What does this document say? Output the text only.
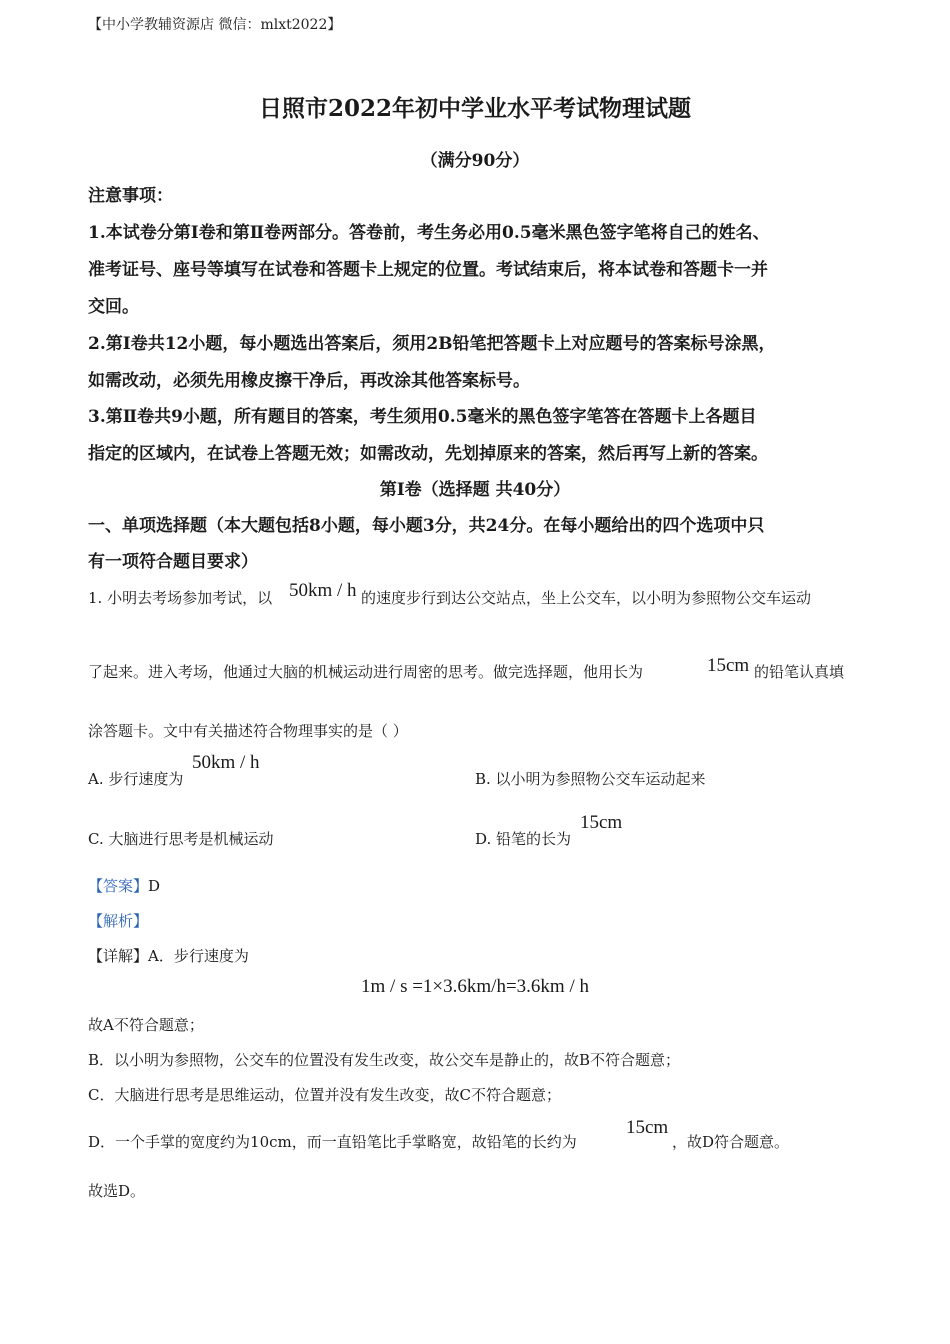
【中小学教辅资源店 微信：mlxt2022】
日照市2022年初中学业水平考试物理试题
（满分90分）
注意事项：
1.本试卷分第Ⅰ卷和第Ⅱ卷两部分。答卷前，考生务必用0.5毫米黑色签字笔将自己的姓名、
准考证号、座号等填写在试卷和答题卡上规定的位置。考试结束后，将本试卷和答题卡一并
交回。
2.第Ⅰ卷共12小题，每小题选出答案后，须用2B铅笔把答题卡上对应题号的答案标号涂黑，
如需改动，必须先用橡皮擦干净后，再改涂其他答案标号。
3.第Ⅱ卷共9小题，所有题目的答案，考生须用0.5毫米的黑色签字笔答在答题卡上各题目
指定的区域内，在试卷上答题无效；如需改动，先划掉原来的答案，然后再写上新的答案。
第Ⅰ卷（选择题 共40分）
一、单项选择题（本大题包括8小题，每小题3分，共24分。在每小题给出的四个选项中只
有一项符合题目要求）
1. 小明去考场参加考试，以 50km / h 的速度步行到达公交站点，坐上公交车，以小明为参照物公交车运动
了起来。进入考场，他通过大脑的机械运动进行周密的思考。做完选择题，他用长为	15cm 的铅笔认真填
涂答题卡。文中有关描述符合物理事实的是（ ）
A. 步行速度为
50km / h
B. 以小明为参照物公交车运动起来
C. 大脑进行思考是机械运动	D. 铅笔的长为
15cm
【答案】D
【解析】
【详解】A．步行速度为
1m / s =1×3.6km/h=3.6km / h
故A不符合题意；
B．以小明为参照物，公交车的位置没有发生改变，故公交车是静止的，故B不符合题意；
C．大脑进行思考是思维运动，位置并没有发生改变，故C不符合题意；
D．一个手掌的宽度约为10cm，而一直铅笔比手掌略宽，故铅笔的长约为
15cm
，故D符合题意。
故选D。
